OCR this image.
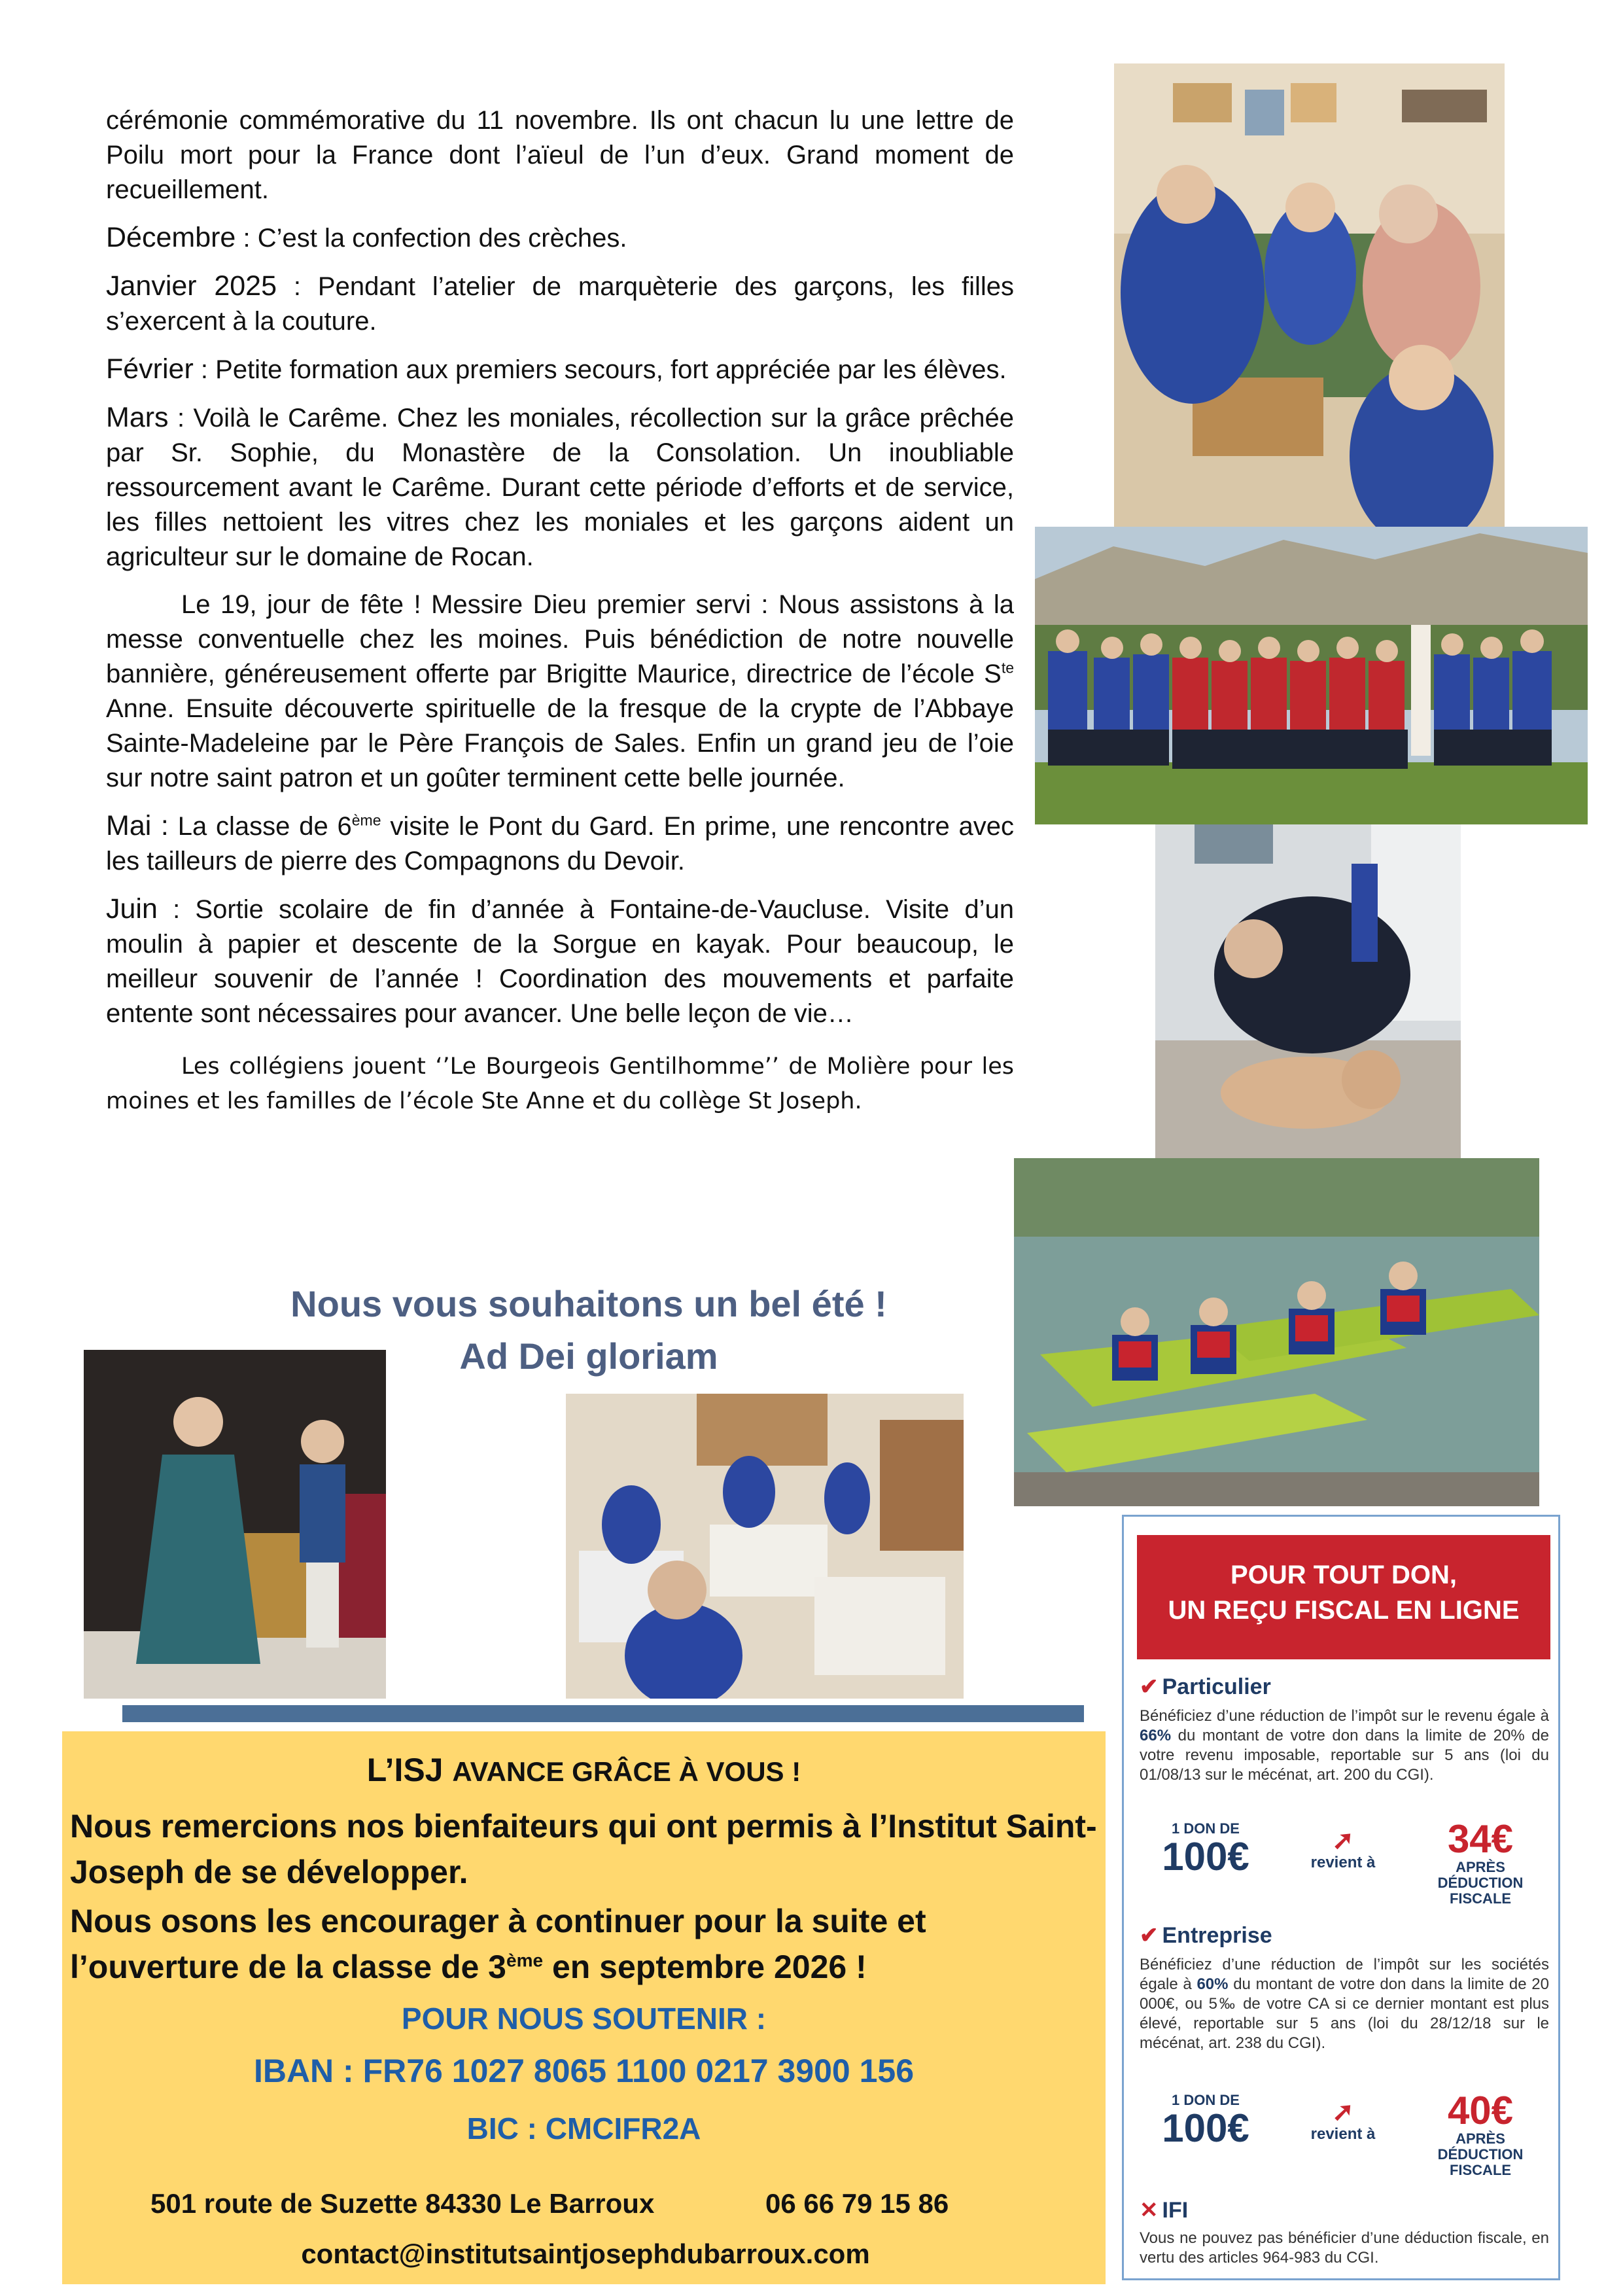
cérémonie commémorative du 11 novembre. Ils ont chacun lu une lettre de Poilu mort pour la France dont l’aïeul de l’un d’eux. Grand moment de recueillement.

Décembre : C’est la confection des crèches.

Janvier 2025 : Pendant l’atelier de marquèterie des garçons, les filles s’exercent à la couture.

Février : Petite formation aux premiers secours, fort appréciée par les élèves.

Mars : Voilà le Carême. Chez les moniales, récollection sur la grâce prêchée par Sr. Sophie, du Monastère de la Consolation. Un inoubliable ressourcement avant le Carême. Durant cette période d’efforts et de service, les filles nettoient les vitres chez les moniales et les garçons aident un agriculteur sur le domaine de Rocan.

Le 19, jour de fête ! Messire Dieu premier servi : Nous assistons à la messe conventuelle chez les moines. Puis bénédiction de notre nouvelle bannière, généreusement offerte par Brigitte Maurice, directrice de l’école $S^{te}$ Anne. Ensuite découverte spirituelle de la fresque de la crypte de l’Abbaye Sainte-Madeleine par le Père François de Sales. Enfin un grand jeu de l’oie sur notre saint patron et un goûter terminent cette belle journée.

Mai : La classe de 6ème visite le Pont du Gard. En prime, une rencontre avec les tailleurs de pierre des Compagnons du Devoir.

Juin : Sortie scolaire de fin d’année à Fontaine-de-Vaucluse. Visite d’un moulin à papier et descente de la Sorgue en kayak. Pour beaucoup, le meilleur souvenir de l’année ! Coordination des mouvements et parfaite entente sont nécessaires pour avancer. Une belle leçon de vie…

Les collégiens jouent ‘’Le Bourgeois Gentilhomme’’ de Molière pour les moines et les familles de l’école Ste Anne et du collège St Joseph.

Nous vous souhaitons un bel été !
Ad Dei gloriam
L’ISJ AVANCE GRÂCE À VOUS !
Nous remercions nos bienfaiteurs qui ont permis à l’Institut Saint-Joseph de se développer.
Nous osons les encourager à continuer pour la suite et l’ouverture de la classe de 3ème en septembre 2026 !
POUR NOUS SOUTENIR :
IBAN : FR76 1027 8065 1100 0217 3900 156
BIC : CMCIFR2A
501 route de Suzette 84330 Le Barroux	06 66 79 15 86
contact@institutsaintjosephdubarroux.com
POUR TOUT DON,
UN REÇU FISCAL EN LIGNE
✔ Particulier
Bénéficiez d’une réduction de l’impôt sur le revenu égale à 66% du montant de votre don dans la limite de 20% de votre revenu imposable, reportable sur 5 ans (loi du 01/08/13 sur le mécénat, art. 200 du CGI).
1 DON DE
100€	➚
revient à
34€
APRÈS DÉDUCTION
FISCALE
✔ Entreprise
Bénéficiez d’une réduction de l’impôt sur les sociétés égale à 60% du montant de votre don dans la limite de 20 000€, ou 5‰ de votre CA si ce dernier montant est plus élevé, reportable sur 5 ans (loi du 28/12/18 sur le mécénat, art. 238 du CGI).
1 DON DE
100€	➚
revient à
40€
APRÈS DÉDUCTION
FISCALE
✕ IFI
Vous ne pouvez pas bénéficier d’une déduction fiscale, en vertu des articles 964-983 du CGI.
